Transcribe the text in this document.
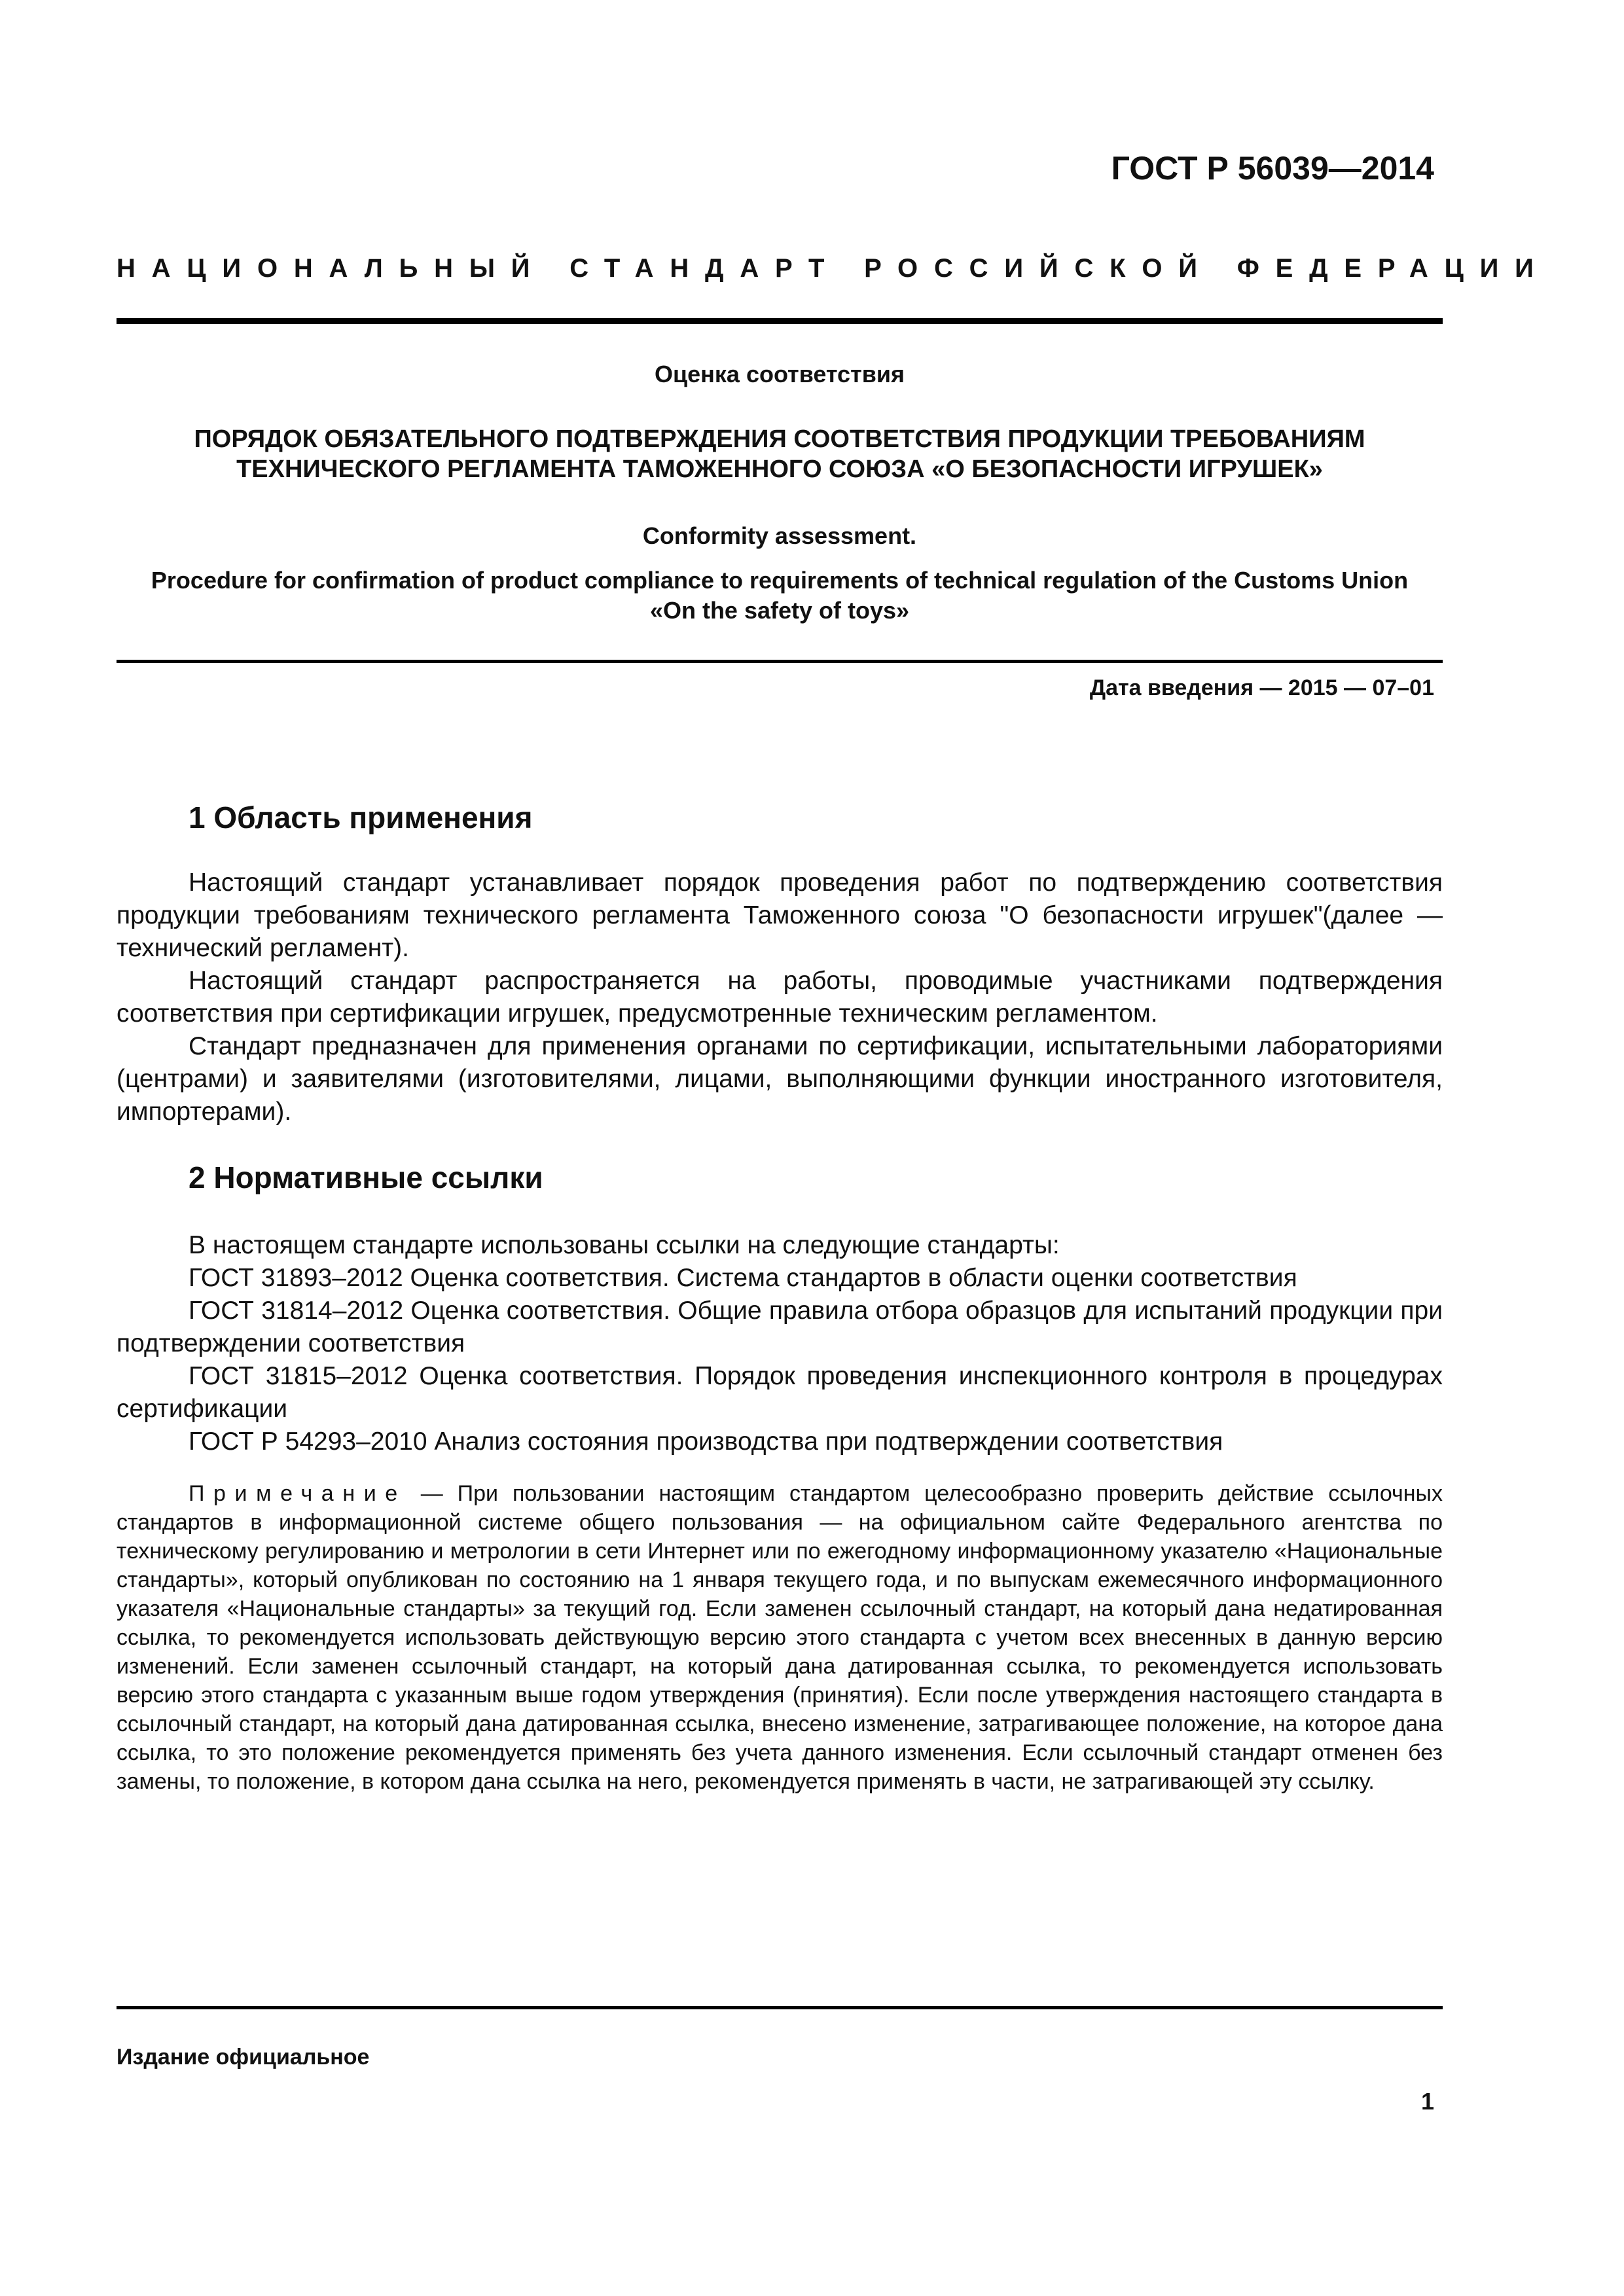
ГОСТ Р 56039—2014
НАЦИОНАЛЬНЫЙ СТАНДАРТ РОССИЙСКОЙ ФЕДЕРАЦИИ
Оценка соответствия
ПОРЯДОК ОБЯЗАТЕЛЬНОГО ПОДТВЕРЖДЕНИЯ СООТВЕТСТВИЯ ПРОДУКЦИИ ТРЕБОВАНИЯМ
ТЕХНИЧЕСКОГО РЕГЛАМЕНТА ТАМОЖЕННОГО СОЮЗА «О БЕЗОПАСНОСТИ ИГРУШЕК»
Conformity assessment.
Procedure for confirmation of product compliance to requirements of technical regulation of the Customs Union
«On the safety of toys»
Дата введения — 2015 — 07–01
1 Область применения

Настоящий стандарт устанавливает порядок проведения работ по подтверждению соответствия продукции требованиям технического регламента Таможенного союза "О безопасности игрушек"(далее — технический регламент).

Настоящий стандарт распространяется на работы, проводимые участниками подтверждения соответствия при сертификации игрушек, предусмотренные техническим регламентом.

Стандарт предназначен для применения органами по сертификации, испытательными лабораториями (центрами) и заявителями (изготовителями, лицами, выполняющими функции иностранного изготовителя, импортерами).

2 Нормативные ссылки

В настоящем стандарте использованы ссылки на следующие стандарты:

ГОСТ 31893–2012 Оценка соответствия. Система стандартов в области оценки соответствия

ГОСТ 31814–2012 Оценка соответствия. Общие правила отбора образцов для испытаний продукции при подтверждении соответствия

ГОСТ 31815–2012 Оценка соответствия. Порядок проведения инспекционного контроля в процедурах сертификации

ГОСТ Р 54293–2010 Анализ состояния производства при подтверждении соответствия

Примечание — При пользовании настоящим стандартом целесообразно проверить действие ссылочных стандартов в информационной системе общего пользования — на официальном сайте Федерального агентства по техническому регулированию и метрологии в сети Интернет или по ежегодному информационному указателю «Национальные стандарты», который опубликован по состоянию на 1 января текущего года, и по выпускам ежемесячного информационного указателя «Национальные стандарты» за текущий год. Если заменен ссылочный стандарт, на который дана недатированная ссылка, то рекомендуется использовать действующую версию этого стандарта с учетом всех внесенных в данную версию изменений. Если заменен ссылочный стандарт, на который дана датированная ссылка, то рекомендуется использовать версию этого стандарта с указанным выше годом утверждения (принятия). Если после утверждения настоящего стандарта в ссылочный стандарт, на который дана датированная ссылка, внесено изменение, затрагивающее положение, на которое дана ссылка, то это положение рекомендуется применять без учета данного изменения. Если ссылочный стандарт отменен без замены, то положение, в котором дана ссылка на него, рекомендуется применять в части, не затрагивающей эту ссылку.

Издание официальное
1
